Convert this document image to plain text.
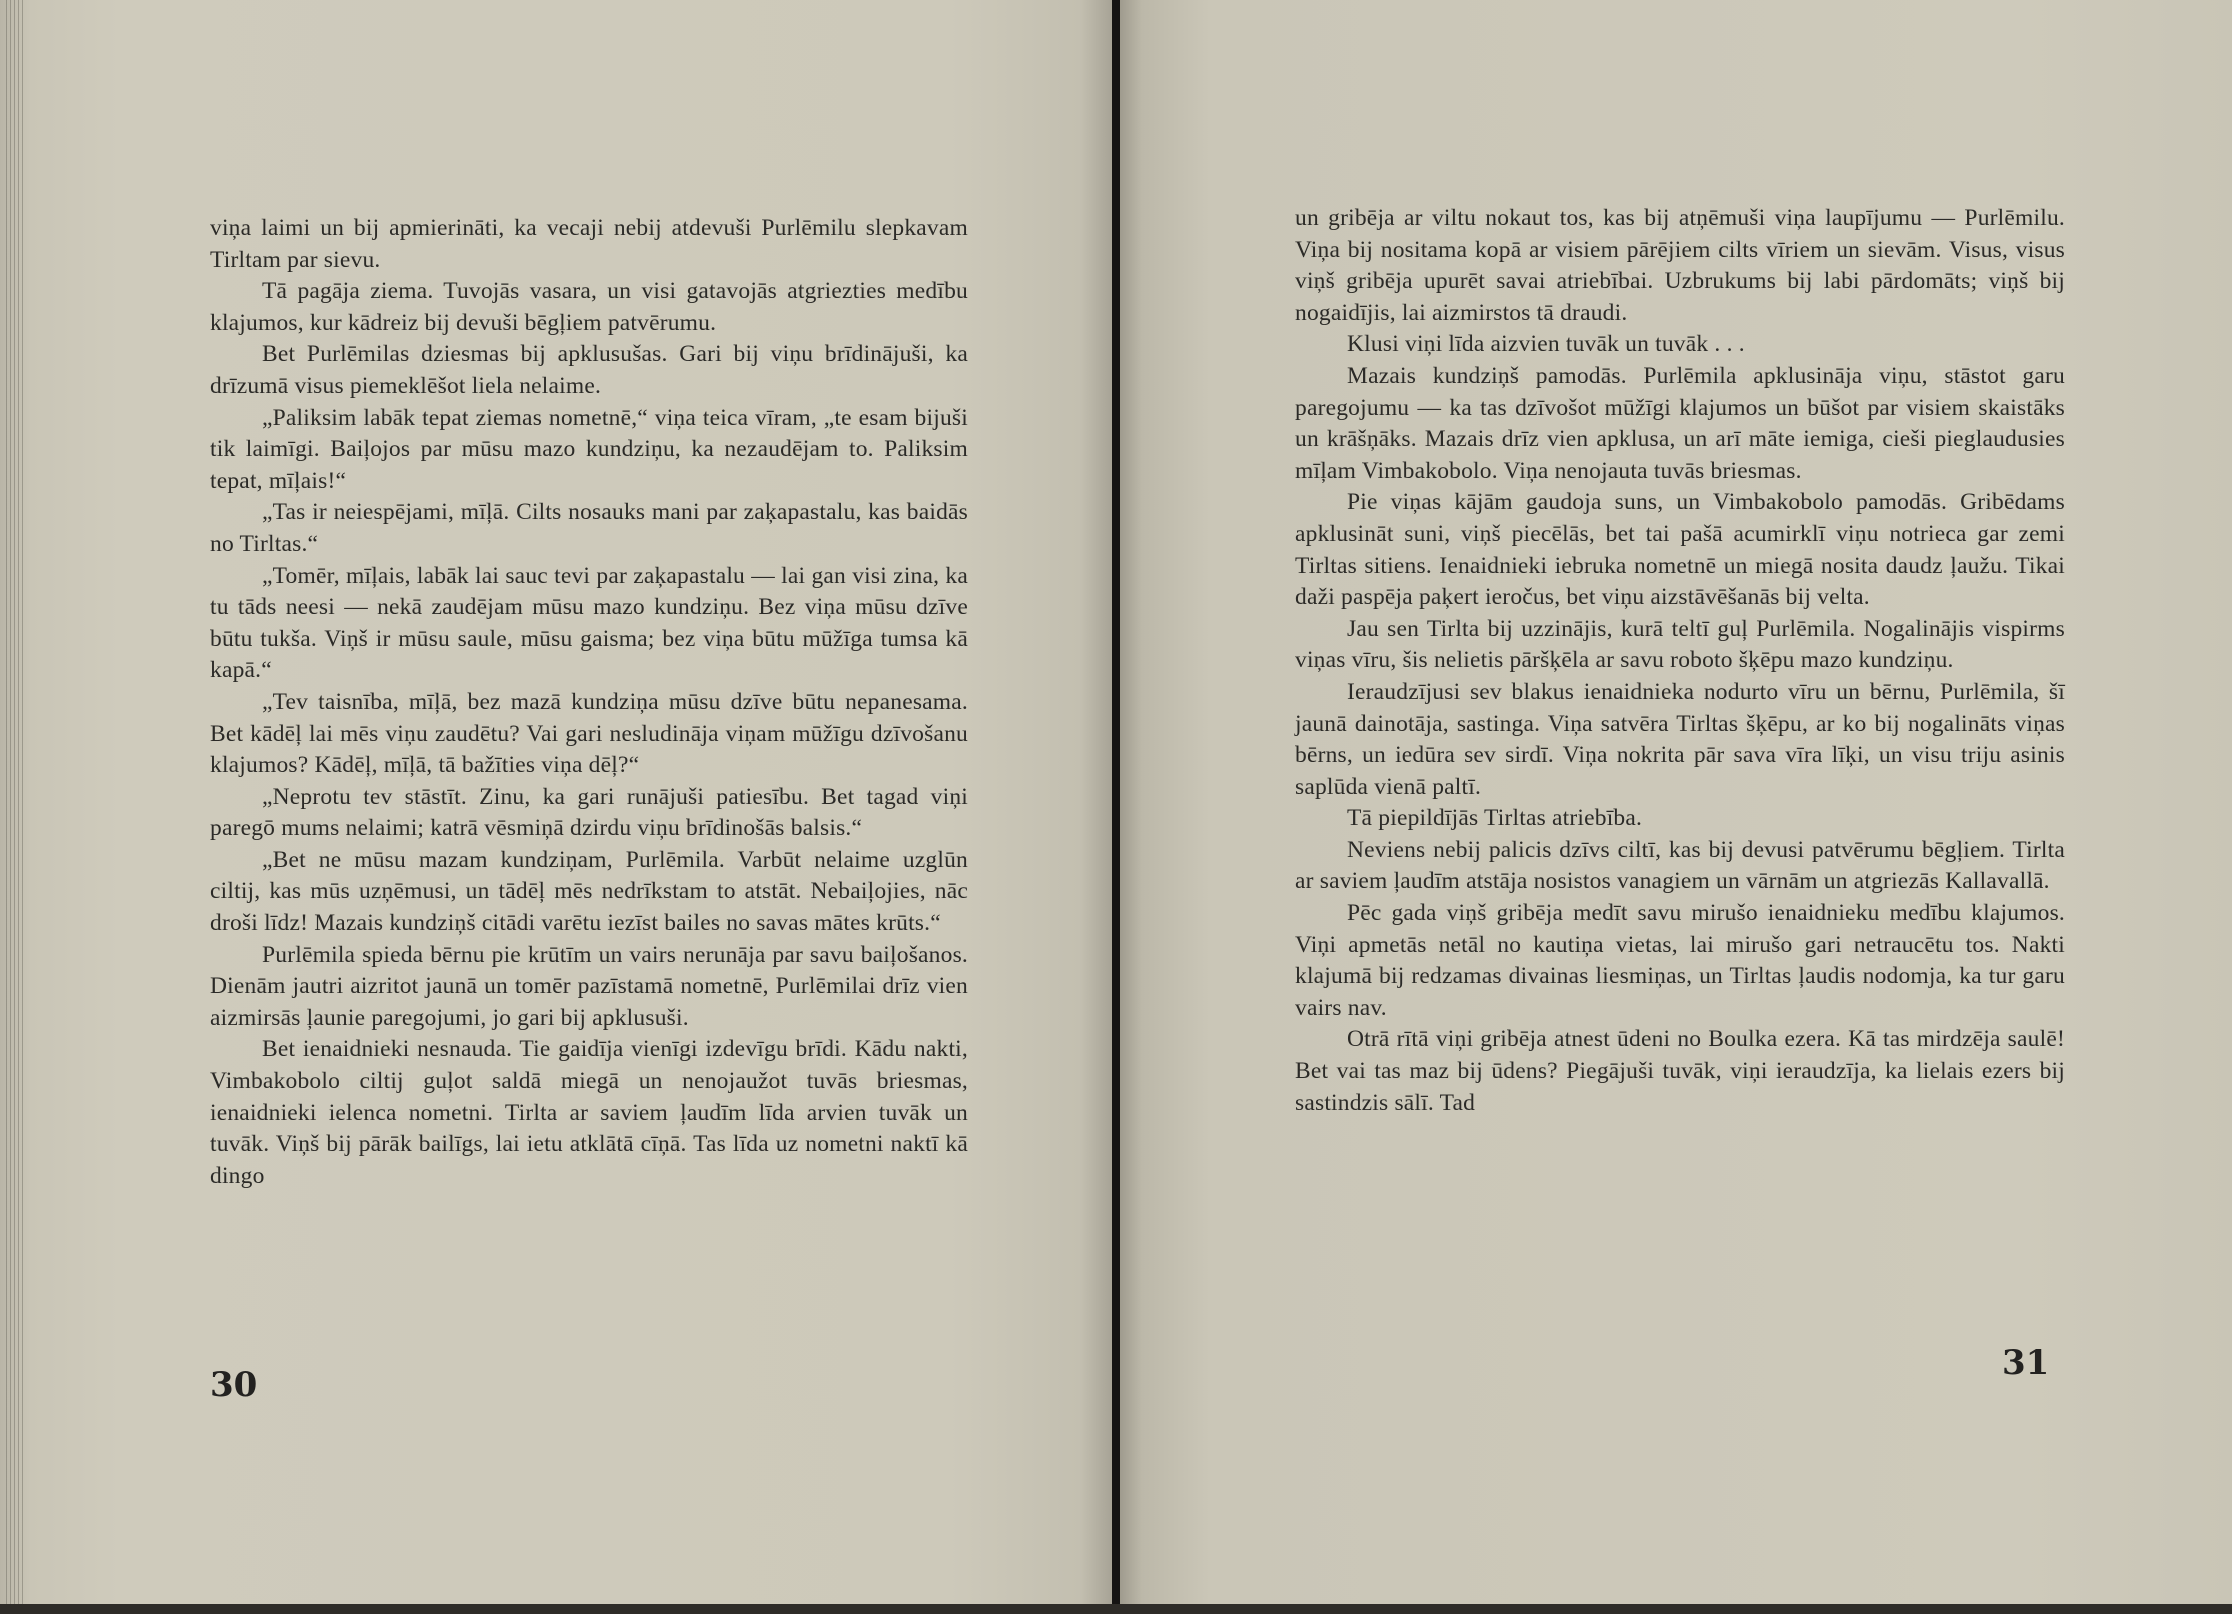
viņa laimi un bij apmierināti, ka vecaji nebij atdevuši Purlēmilu slepkavam Tirltam par sievu.

Tā pagāja ziema. Tuvojās vasara, un visi gatavojās atgriezties medību klajumos, kur kādreiz bij devuši bēgļiem patvērumu.

Bet Purlēmilas dziesmas bij apklusušas. Gari bij viņu brīdinājuši, ka drīzumā visus piemeklēšot liela nelaime.

„Paliksim labāk tepat ziemas nometnē,“ viņa teica vīram, „te esam bijuši tik laimīgi. Baiļojos par mūsu mazo kundziņu, ka nezaudējam to. Paliksim tepat, mīļais!“

„Tas ir neiespējami, mīļā. Cilts nosauks mani par zaķapastalu, kas baidās no Tirltas.“

„Tomēr, mīļais, labāk lai sauc tevi par zaķapastalu — lai gan visi zina, ka tu tāds neesi — nekā zaudējam mūsu mazo kundziņu. Bez viņa mūsu dzīve būtu tukša. Viņš ir mūsu saule, mūsu gaisma; bez viņa būtu mūžīga tumsa kā kapā.“

„Tev taisnība, mīļā, bez mazā kundziņa mūsu dzīve būtu nepanesama. Bet kādēļ lai mēs viņu zaudētu? Vai gari nesludināja viņam mūžīgu dzīvošanu klajumos? Kādēļ, mīļā, tā bažīties viņa dēļ?“

„Neprotu tev stāstīt. Zinu, ka gari runājuši patiesību. Bet tagad viņi paregō mums nelaimi; katrā vēsmiņā dzirdu viņu brīdinošās balsis.“

„Bet ne mūsu mazam kundziņam, Purlēmila. Varbūt nelaime uzglūn ciltij, kas mūs uzņēmusi, un tādēļ mēs nedrīkstam to atstāt. Nebaiļojies, nāc droši līdz! Mazais kundziņš citādi varētu iezīst bailes no savas mātes krūts.“

Purlēmila spieda bērnu pie krūtīm un vairs nerunāja par savu baiļošanos. Dienām jautri aizritot jaunā un tomēr pazīstamā nometnē, Purlēmilai drīz vien aizmirsās ļaunie paregojumi, jo gari bij apklusuši.

Bet ienaidnieki nesnauda. Tie gaidīja vienīgi izdevīgu brīdi. Kādu nakti, Vimbakobolo ciltij guļot saldā miegā un nenojaužot tuvās briesmas, ienaidnieki ielenca nometni. Tirlta ar saviem ļaudīm līda arvien tuvāk un tuvāk. Viņš bij pārāk bailīgs, lai ietu atklātā cīņā. Tas līda uz nometni naktī kā dingo

30

un gribēja ar viltu nokaut tos, kas bij atņēmuši viņa laupījumu — Purlēmilu. Viņa bij nositama kopā ar visiem pārējiem cilts vīriem un sievām. Visus, visus viņš gribēja upurēt savai atriebībai. Uzbrukums bij labi pārdomāts; viņš bij nogaidījis, lai aizmirstos tā draudi.

Klusi viņi līda aizvien tuvāk un tuvāk . . .

Mazais kundziņš pamodās. Purlēmila apklusināja viņu, stāstot garu paregojumu — ka tas dzīvošot mūžīgi klajumos un būšot par visiem skaistāks un krāšņāks. Mazais drīz vien apklusa, un arī māte iemiga, cieši pieglaudusies mīļam Vimbakobolo. Viņa nenojauta tuvās briesmas.

Pie viņas kājām gaudoja suns, un Vimbakobolo pamodās. Gribēdams apklusināt suni, viņš piecēlās, bet tai pašā acumirklī viņu notrieca gar zemi Tirltas sitiens. Ienaidnieki iebruka nometnē un miegā nosita daudz ļaužu. Tikai daži paspēja paķert ieročus, bet viņu aizstāvēšanās bij velta.

Jau sen Tirlta bij uzzinājis, kurā teltī guļ Purlēmila. Nogalinājis vispirms viņas vīru, šis nelietis pāršķēla ar savu roboto šķēpu mazo kundziņu.

Ieraudzījusi sev blakus ienaidnieka nodurto vīru un bērnu, Purlēmila, šī jaunā dainotāja, sastinga. Viņa satvēra Tirltas šķēpu, ar ko bij nogalināts viņas bērns, un iedūra sev sirdī. Viņa nokrita pār sava vīra līķi, un visu triju asinis saplūda vienā paltī.

Tā piepildījās Tirltas atriebība.

Neviens nebij palicis dzīvs ciltī, kas bij devusi patvērumu bēgļiem. Tirlta ar saviem ļaudīm atstāja nosistos vanagiem un vārnām un atgriezās Kallavallā.

Pēc gada viņš gribēja medīt savu mirušo ienaidnieku medību klajumos. Viņi apmetās netāl no kautiņa vietas, lai mirušo gari netraucētu tos. Nakti klajumā bij redzamas divainas liesmiņas, un Tirltas ļaudis nodomja, ka tur garu vairs nav.

Otrā rītā viņi gribēja atnest ūdeni no Boulka ezera. Kā tas mirdzēja saulē! Bet vai tas maz bij ūdens? Piegājuši tuvāk, viņi ieraudzīja, ka lielais ezers bij sastindzis sālī. Tad

31
